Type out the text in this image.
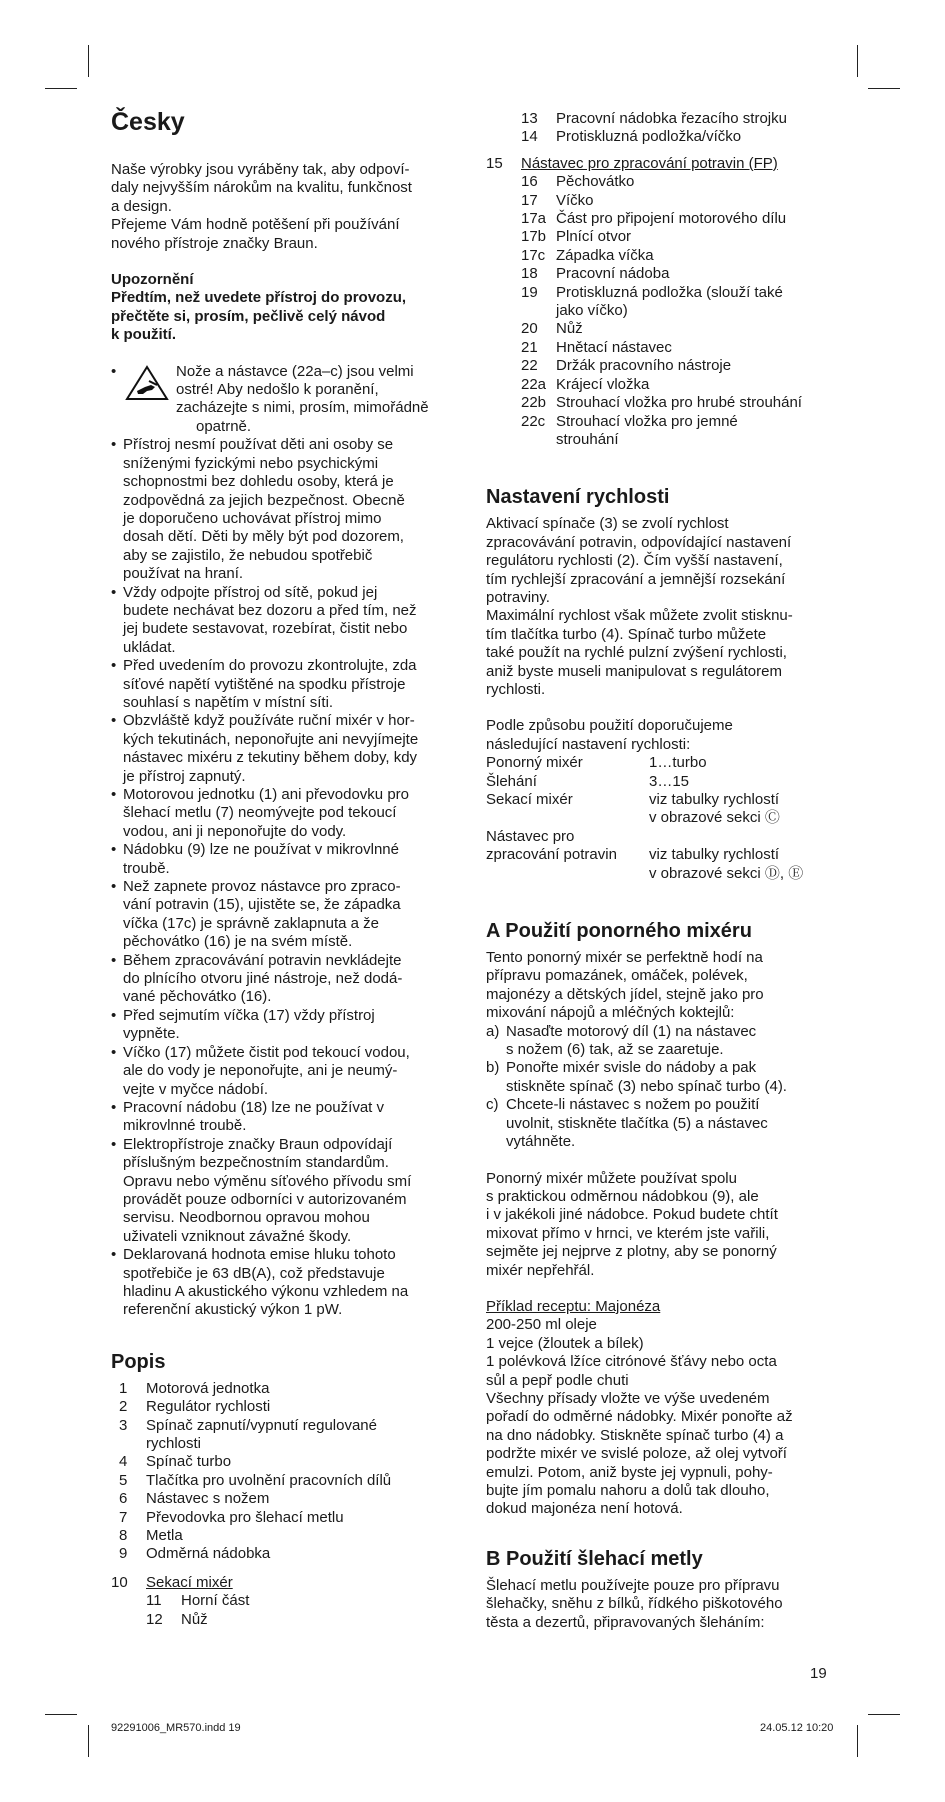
Česky

Naše výrobky jsou vyráběny tak, aby odpoví-

daly nejvyšším nárokům na kvalitu, funkčnost

a design.

Přejeme Vám hodně potěšení při používání

nového přístroje značky Braun.

Upozornění

Předtím, než uvedete přístroj do provozu,

přečtěte si, prosím, pečlivě celý návod

k použití.

•	Nože a nástavce (22a–c) jsou velmi

ostré! Aby nedošlo k poranění,

zacházejte s nimi, prosím, mimořádně

opatrně.

• Přístroj nesmí používat děti ani osoby se

sníženými fyzickými nebo psychickými

schopnostmi bez dohledu osoby, která je

zodpovědná za jejich bezpečnost. Obecně

je doporučeno uchovávat přístroj mimo

dosah dětí. Děti by měly být pod dozorem,

aby se zajistilo, že nebudou spotřebič

používat na hraní.

• Vždy odpojte přístroj od sítě, pokud jej

budete nechávat bez dozoru a před tím, než

jej budete sestavovat, rozebírat, čistit nebo

ukládat.

• Před uvedením do provozu zkontrolujte, zda

síťové napětí vytištěné na spodku přístroje

souhlasí s napětím v místní síti.

• Obzvláště když používáte ruční mixér v hor-

kých tekutinách, neponořujte ani nevyjímejte

nástavec mixéru z tekutiny během doby, kdy

je přístroj zapnutý.

• Motorovou jednotku (1) ani převodovku pro

šlehací metlu (7) neomývejte pod tekoucí

vodou, ani ji neponořujte do vody.

• Nádobku (9) lze ne používat v mikrovlnné

troubě.

• Než zapnete provoz nástavce pro zpraco-

vání potravin (15), ujistěte se, že západka

víčka (17c) je správně zaklapnuta a že

pěchovátko (16) je na svém místě.

• Během zpracovávání potravin nevkládejte

do plnícího otvoru jiné nástroje, než dodá-

vané pěchovátko (16).

• Před sejmutím víčka (17) vždy přístroj

vypněte.

• Víčko (17) můžete čistit pod tekoucí vodou,

ale do vody je neponořujte, ani je neumý-

vejte v myčce nádobí.

• Pracovní nádobu (18) lze ne používat v

mikrovlnné troubě.

• Elektropřístroje značky Braun odpovídají

příslušným bezpečnostním standardům.

Opravu nebo výměnu síťového přívodu smí

provádět pouze odborníci v autorizovaném

servisu. Neodbornou opravou mohou

uživateli vzniknout závažné škody.

• Deklarovaná hodnota emise hluku tohoto

spotřebiče je 63 dB(A), což představuje

hladinu A akustického výkonu vzhledem na

referenční akustický výkon 1 pW.

Popis
1	Motorová jednotka
2	Regulátor rychlosti
3	Spínač zapnutí/vypnutí regulované
rychlosti
4	Spínač turbo
5	Tlačítka pro uvolnění pracovních dílů
6	Nástavec s nožem
7	Převodovka pro šlehací metlu
8	Metla
9	Odměrná nádobka
10	Sekací mixér
11	Horní část
12	Nůž
13	Pracovní nádobka řezacího strojku
14	Protiskluzná podložka/víčko
15	Nástavec pro zpracování potravin (FP)
16	Pěchovátko
17	Víčko
17a Část pro připojení motorového dílu
17b Plnící otvor
17c Západka víčka
18	Pracovní nádoba
19	Protiskluzná podložka (slouží také
jako víčko)
20	Nůž
21	Hnětací nástavec
22	Držák pracovního nástroje
22a Krájecí vložka
22b Strouhací vložka pro hrubé strouhání
22c Strouhací vložka pro jemné
strouhání
Nastavení rychlosti

Aktivací spínače (3) se zvolí rychlost

zpracovávání potravin, odpovídající nastavení

regulátoru rychlosti (2). Čím vyšší nastavení,

tím rychlejší zpracování a jemnější rozsekání

potraviny.

Maximální rychlost však můžete zvolit stisknu-

tím tlačítka turbo (4). Spínač turbo můžete

také použít na rychlé pulzní zvýšení rychlosti,

aniž byste museli manipulovat s regulátorem

rychlosti.

Podle způsobu použití doporučujeme

následující nastavení rychlosti:

Ponorný mixér	1…turbo
Šlehání	3…15
Sekací mixér	viz tabulky rychlostí
	v obrazové sekci Ⓒ
Nástavec pro	
zpracování potravin	viz tabulky rychlostí
	v obrazové sekci Ⓓ, Ⓔ
A Použití ponorného mixéru

Tento ponorný mixér se perfektně hodí na

přípravu pomazánek, omáček, polévek,

majonézy a dětských jídel, stejně jako pro

mixování nápojů a mléčných koktejlů:

a) Nasaďte motorový díl (1) na nástavec

s nožem (6) tak, až se zaaretuje.

b) Ponořte mixér svisle do nádoby a pak

stiskněte spínač (3) nebo spínač turbo (4).

c) Chcete-li nástavec s nožem po použití

uvolnit, stiskněte tlačítka (5) a nástavec

vytáhněte.

Ponorný mixér můžete používat spolu

s praktickou odměrnou nádobkou (9), ale

i v jakékoli jiné nádobce. Pokud budete chtít

mixovat přímo v hrnci, ve kterém jste vařili,

sejměte jej nejprve z plotny, aby se ponorný

mixér nepřehřál.

Příklad receptu: Majonéza

200-250 ml oleje

1 vejce (žloutek a bílek)

1 polévková lžíce citrónové šťávy nebo octa

sůl a pepř podle chuti

Všechny přísady vložte ve výše uvedeném

pořadí do odměrné nádobky. Mixér ponořte až

na dno nádobky. Stiskněte spínač turbo (4) a

podržte mixér ve svislé poloze, až olej vytvoří

emulzi. Potom, aniž byste jej vypnuli, pohy-

bujte jím pomalu nahoru a dolů tak dlouho,

dokud majonéza není hotová.

B Použití šlehací metly

Šlehací metlu používejte pouze pro přípravu

šlehačky, sněhu z bílků, řídkého piškotového

těsta a dezertů, připravovaných šleháním:

19
92291006_MR570.indd 19	24.05.12 10:20
